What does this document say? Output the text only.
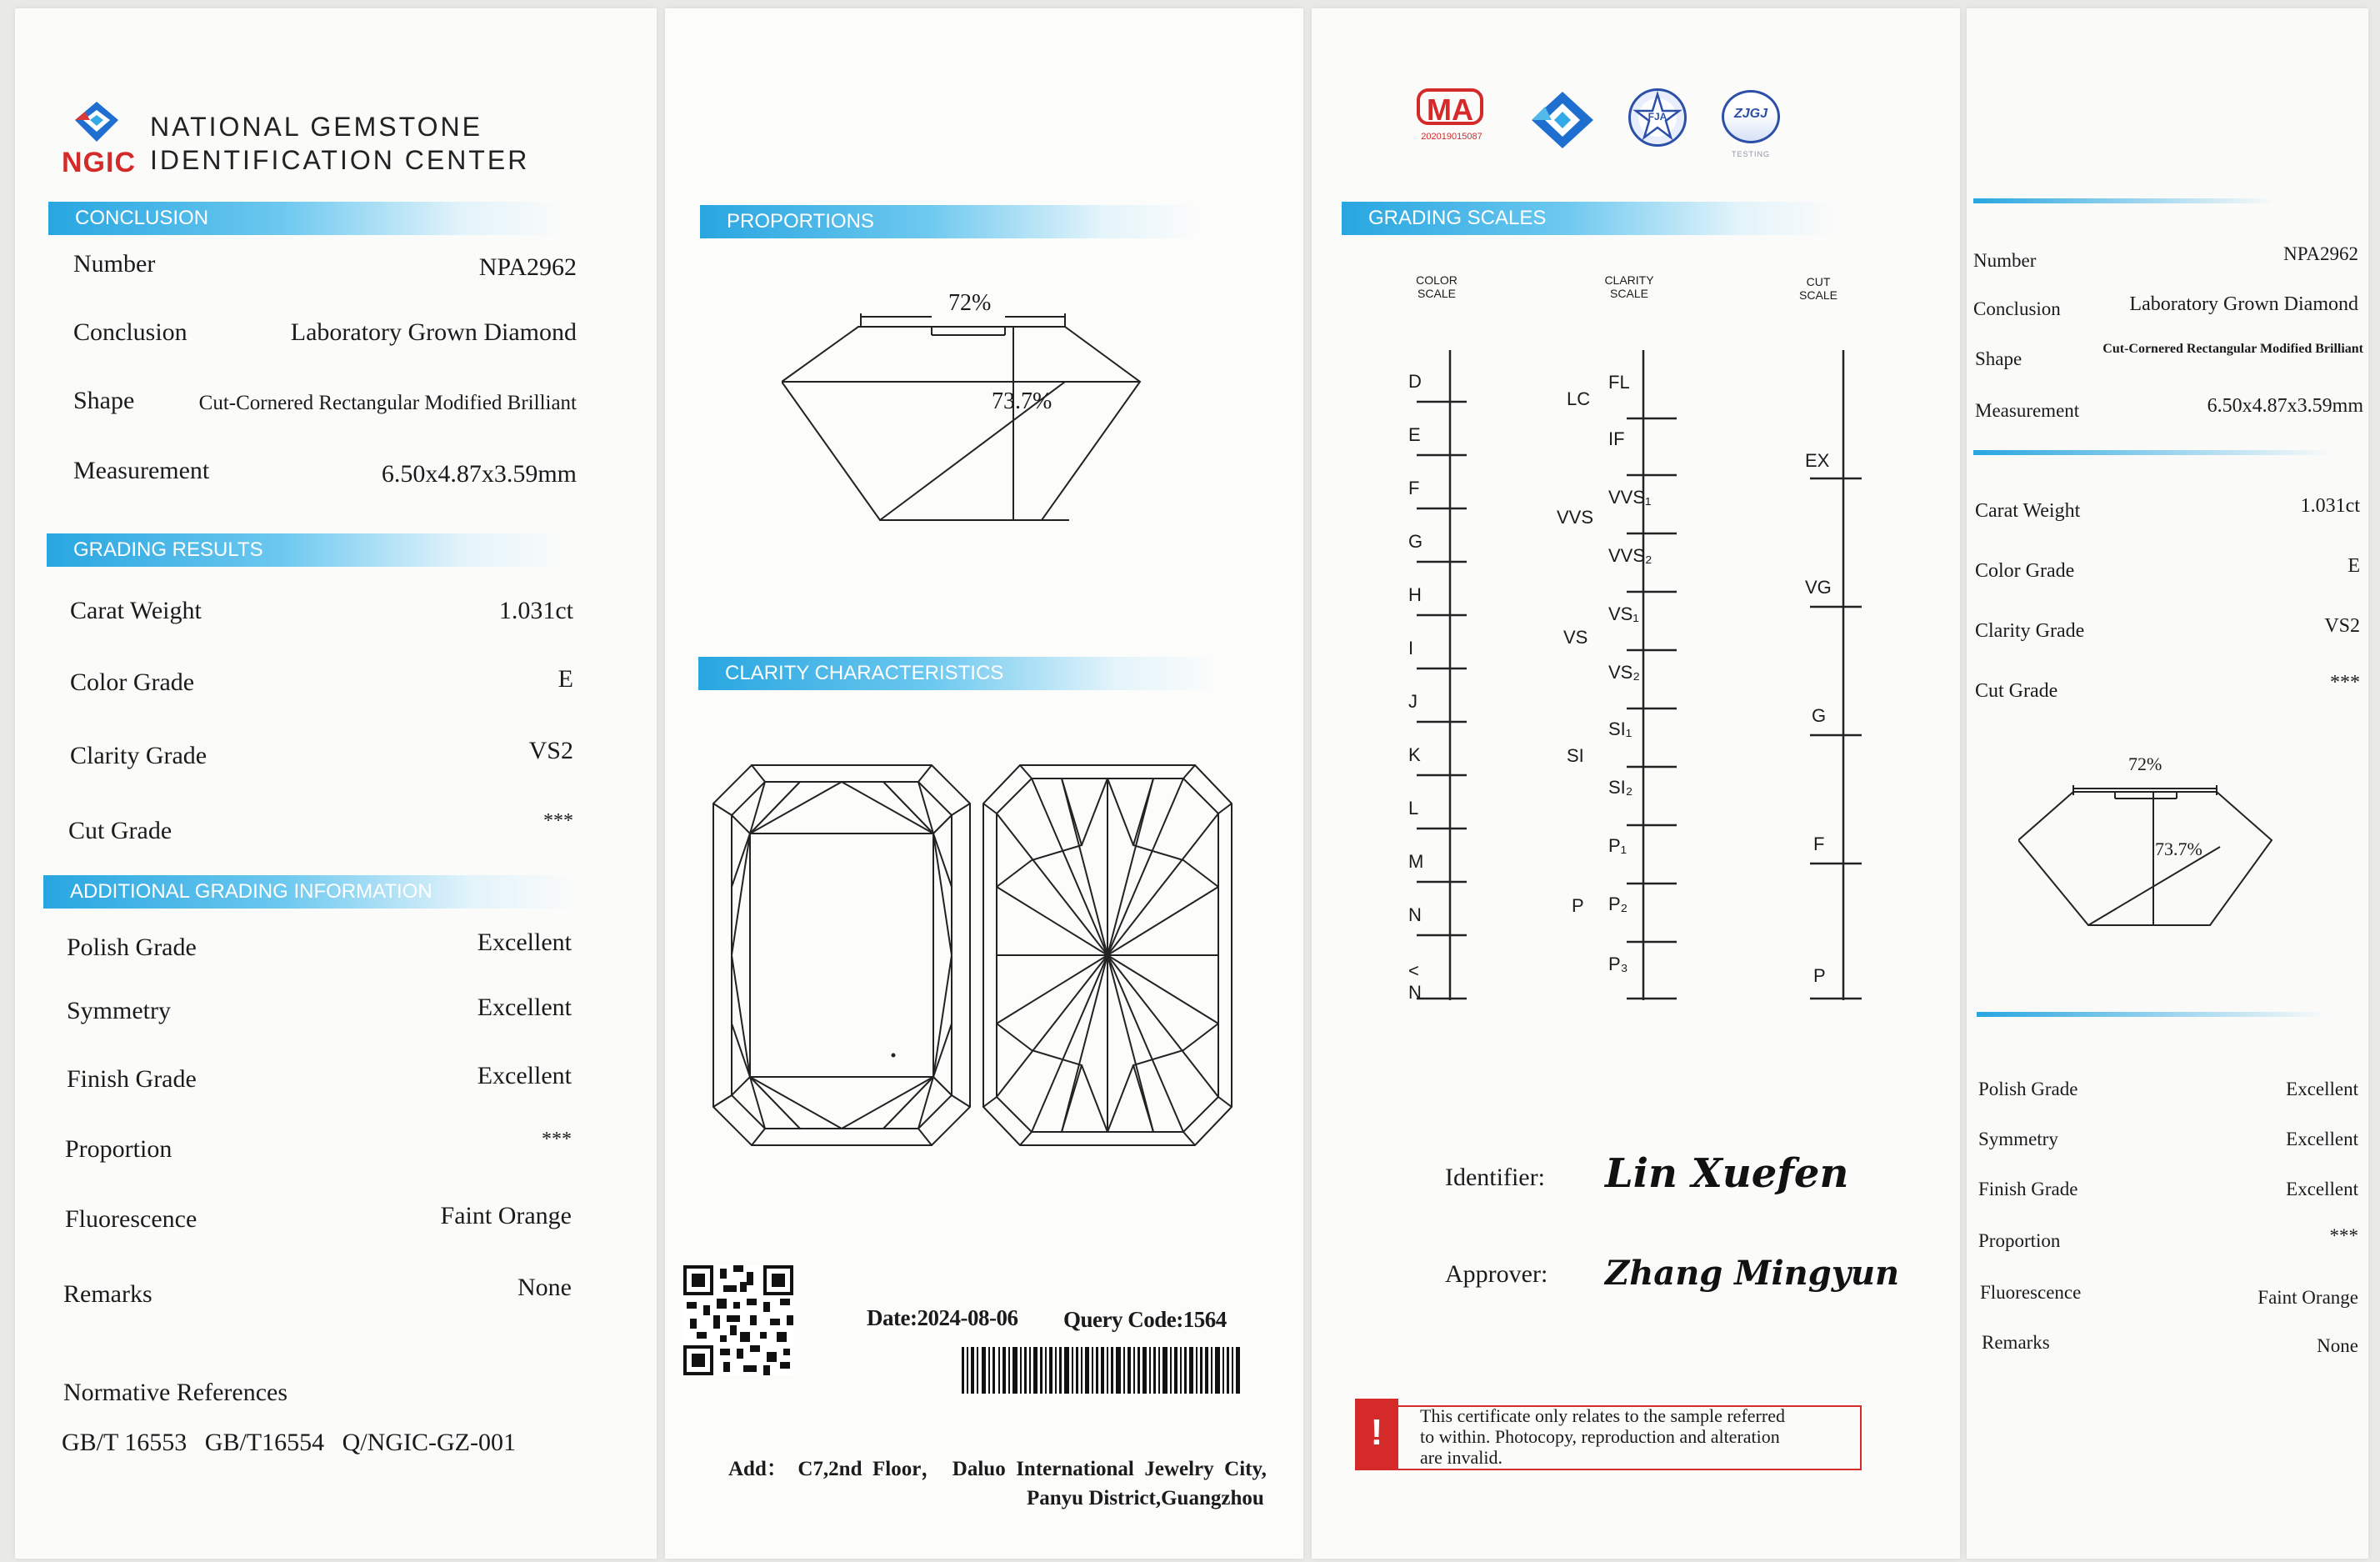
NGIC
NATIONAL GEMSTONE
IDENTIFICATION CENTER
CONCLUSION
Number	NPA2962
Conclusion	Laboratory Grown Diamond
Shape	Cut-Cornered Rectangular Modified Brilliant
Measurement	6.50x4.87x3.59mm
GRADING RESULTS
Carat Weight	1.031ct
Color Grade	E
Clarity Grade	VS2
Cut Grade	***
ADDITIONAL GRADING INFORMATION
Polish Grade	Excellent
Symmetry	Excellent
Finish Grade	Excellent
Proportion	***
Fluorescence	Faint Orange
Remarks	None
Normative References
GB/T 16553 GB/T16554 Q/NGIC-GZ-001
PROPORTIONS
72%
73.7%
CLARITY CHARACTERISTICS
Date:2024-08-06 Query Code:1564
Add：  C7,2nd  Floor，  Daluo  International  Jewelry  City,
Panyu District,Guangzhou
MA
202019015087
FJA	ZJGJ
TESTING
GRADING SCALES
COLOR
SCALE
CLARITY
SCALE
CUT
SCALE
D
E
F
G
H
I
J
K
L
M
N
< N
LC
VVS
VS
SI
P
FL
IF
VVS₁
VVS₂
VS₁
VS₂
SI₁
SI₂
P₁
P₂
P₃
EX
VG
G
F
P
Identifier: Lin Xuefen
Approver: Zhang Mingyun
!	This certificate only relates to the sample referred
to within. Photocopy, reproduction and alteration
are invalid.
Number	NPA2962
Conclusion	Laboratory Grown Diamond
Shape	Cut-Cornered Rectangular Modified Brilliant
Measurement	6.50x4.87x3.59mm
Carat Weight	1.031ct
Color Grade	E
Clarity Grade	VS2
Cut Grade	***
72%
73.7%
Polish Grade	Excellent
Symmetry	Excellent
Finish Grade	Excellent
Proportion	***
Fluorescence	Faint Orange
Remarks	None
